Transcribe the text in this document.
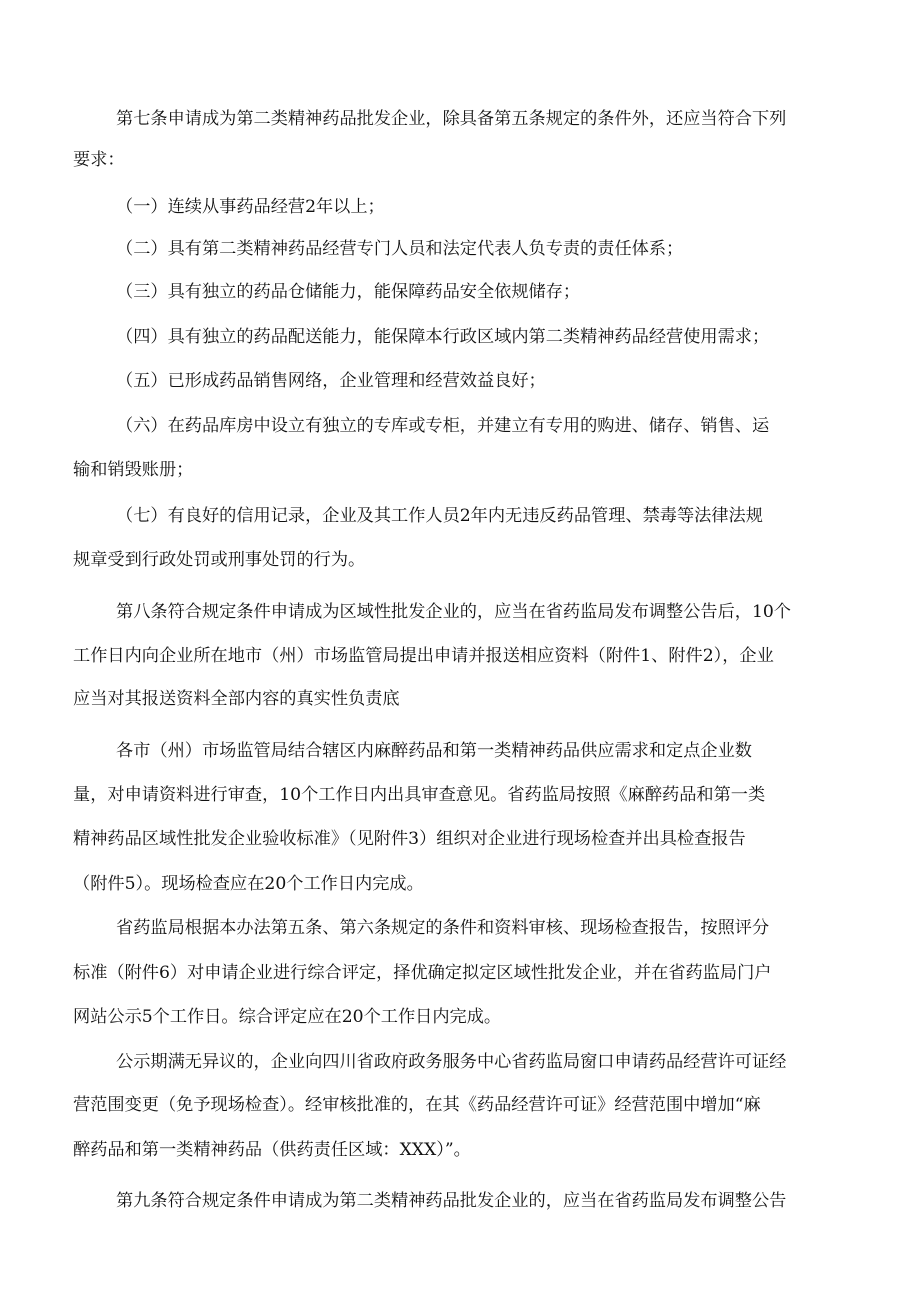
第七条申请成为第二类精神药品批发企业，除具备第五条规定的条件外，还应当符合下列
要求：
（一）连续从事药品经营2年以上；
（二）具有第二类精神药品经营专门人员和法定代表人负专责的责任体系；
（三）具有独立的药品仓储能力，能保障药品安全依规储存；
（四）具有独立的药品配送能力，能保障本行政区域内第二类精神药品经营使用需求；
（五）已形成药品销售网络，企业管理和经营效益良好；
（六）在药品库房中设立有独立的专库或专柜，并建立有专用的购进、储存、销售、运
输和销毁账册；
（七）有良好的信用记录，企业及其工作人员2年内无违反药品管理、禁毒等法律法规
规章受到行政处罚或刑事处罚的行为。
第八条符合规定条件申请成为区域性批发企业的，应当在省药监局发布调整公告后，10个
工作日内向企业所在地市（州）市场监管局提出申请并报送相应资料（附件1、附件2），企业
应当对其报送资料全部内容的真实性负责底
各市（州）市场监管局结合辖区内麻醉药品和第一类精神药品供应需求和定点企业数
量，对申请资料进行审查，10个工作日内出具审查意见。省药监局按照《麻醉药品和第一类
精神药品区域性批发企业验收标准》（见附件3）组织对企业进行现场检查并出具检查报告
（附件5）。现场检查应在20个工作日内完成。
省药监局根据本办法第五条、第六条规定的条件和资料审核、现场检查报告，按照评分
标准（附件6）对申请企业进行综合评定，择优确定拟定区域性批发企业，并在省药监局门户
网站公示5个工作日。综合评定应在20个工作日内完成。
公示期满无异议的，企业向四川省政府政务服务中心省药监局窗口申请药品经营许可证经
营范围变更（免予现场检查）。经审核批准的，在其《药品经营许可证》经营范围中增加“麻
醉药品和第一类精神药品（供药责任区域：XXX）”。
第九条符合规定条件申请成为第二类精神药品批发企业的，应当在省药监局发布调整公告
